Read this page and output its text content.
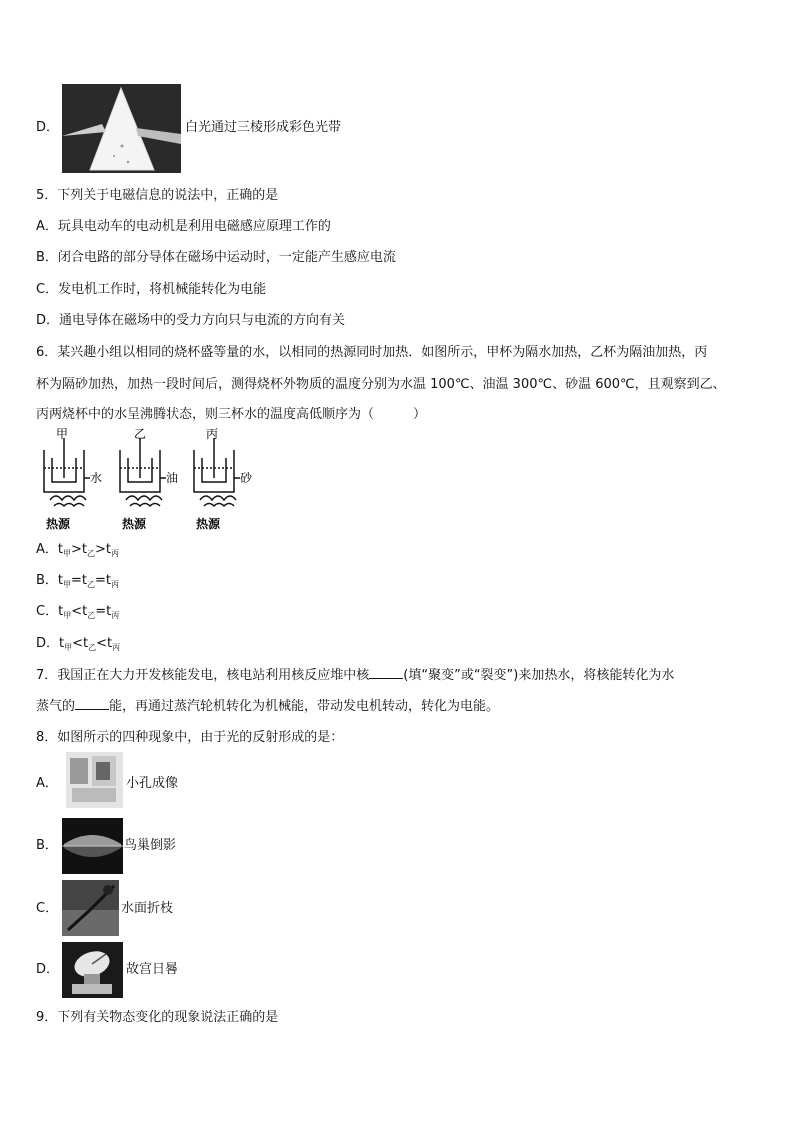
D．	白光通过三棱形成彩色光带
5．下列关于电磁信息的说法中，正确的是
A．玩具电动车的电动机是利用电磁感应原理工作的
B．闭合电路的部分导体在磁场中运动时，一定能产生感应电流
C．发电机工作时，将机械能转化为电能
D．通电导体在磁场中的受力方向只与电流的方向有关
6．某兴趣小组以相同的烧杯盛等量的水，以相同的热源同时加热．如图所示，甲杯为隔水加热，乙杯为隔油加热，丙
杯为隔砂加热，加热一段时间后，测得烧杯外物质的温度分别为水温 100℃、油温 300℃、砂温 600℃，且观察到乙、
丙两烧杯中的水呈沸腾状态，则三杯水的温度高低顺序为（　　　）
甲
水
热源
乙
油
热源
丙
砂
热源
A．$t_甲>t_乙>t_丙$
B．$t_甲=t_乙=t_丙$
C．$t_甲<t_乙=t_丙$
D．$t_甲<t_乙<t_丙$
7．我国正在大力开发核能发电，核电站利用核反应堆中核	(填“聚变”或“裂变”)来加热水，将核能转化为水
蒸气的	能，再通过蒸汽轮机转化为机械能，带动发电机转动，转化为电能。
8．如图所示的四种现象中，由于光的反射形成的是：
A．	小孔成像
B．	鸟巢倒影
C．	水面折枝
D．	故宫日晷
9．下列有关物态变化的现象说法正确的是
